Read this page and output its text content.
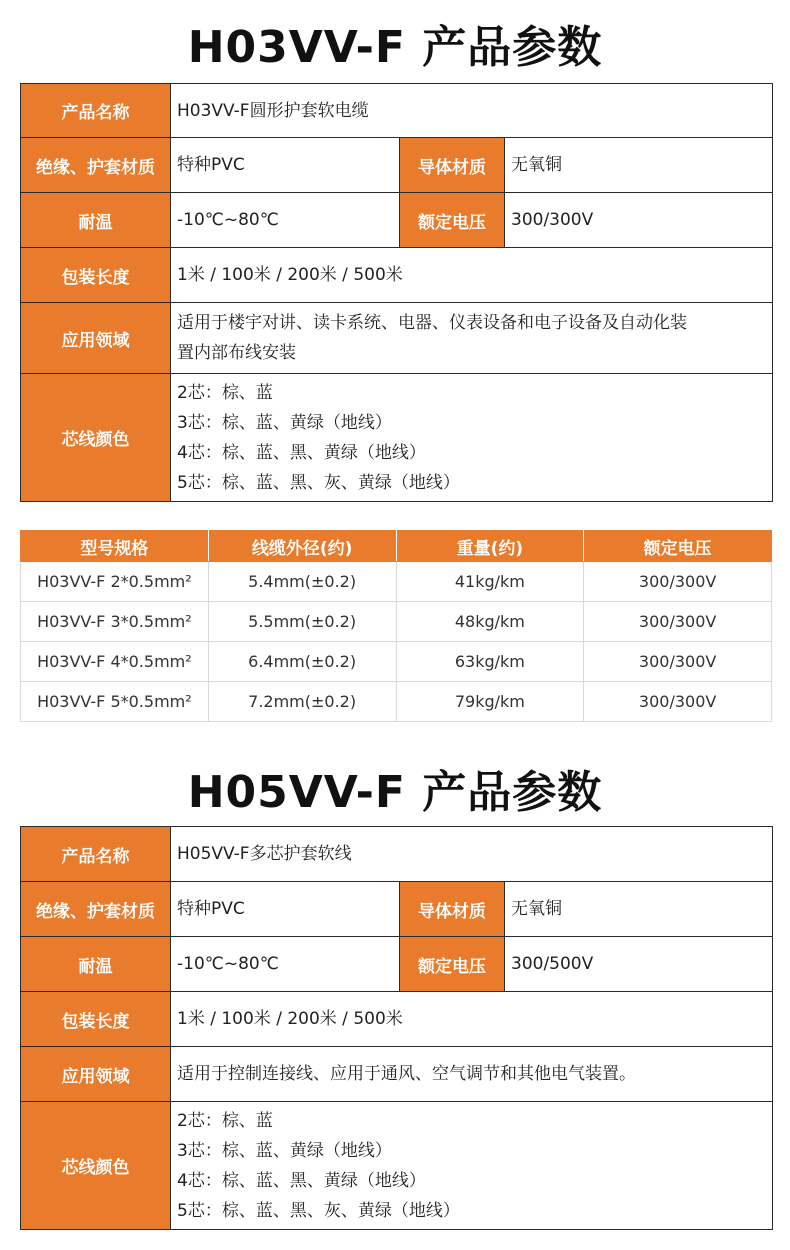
H03VV-F 产品参数
产品名称	H03VV-F圆形护套软电缆		
绝缘、护套材质	特种PVC	导体材质	无氧铜
耐温	-10℃~80℃	额定电压	300/300V
包装长度	1米 / 100米 / 200米 / 500米		
应用领域	适用于楼宇对讲、读卡系统、电器、仪表设备和电子设备及自动化装
置内部布线安装		

芯线颜色	2芯：棕、蓝
3芯：棕、蓝、黄绿（地线）
4芯：棕、蓝、黑、黄绿（地线）
5芯：棕、蓝、黑、灰、黄绿（地线）		
型号规格	线缆外径(约)	重量(约)	额定电压
H03VV-F 2*0.5mm²	5.4mm(±0.2)	41kg/km	300/300V
H03VV-F 3*0.5mm²	5.5mm(±0.2)	48kg/km	300/300V
H03VV-F 4*0.5mm²	6.4mm(±0.2)	63kg/km	300/300V
H03VV-F 5*0.5mm²	7.2mm(±0.2)	79kg/km	300/300V
H05VV-F 产品参数
产品名称	H05VV-F多芯护套软线		
绝缘、护套材质	特种PVC	导体材质	无氧铜
耐温	-10℃~80℃	额定电压	300/500V
包装长度	1米 / 100米 / 200米 / 500米		
应用领域	适用于控制连接线、应用于通风、空气调节和其他电气装置。		

芯线颜色	2芯：棕、蓝
3芯：棕、蓝、黄绿（地线）
4芯：棕、蓝、黑、黄绿（地线）
5芯：棕、蓝、黑、灰、黄绿（地线）		
